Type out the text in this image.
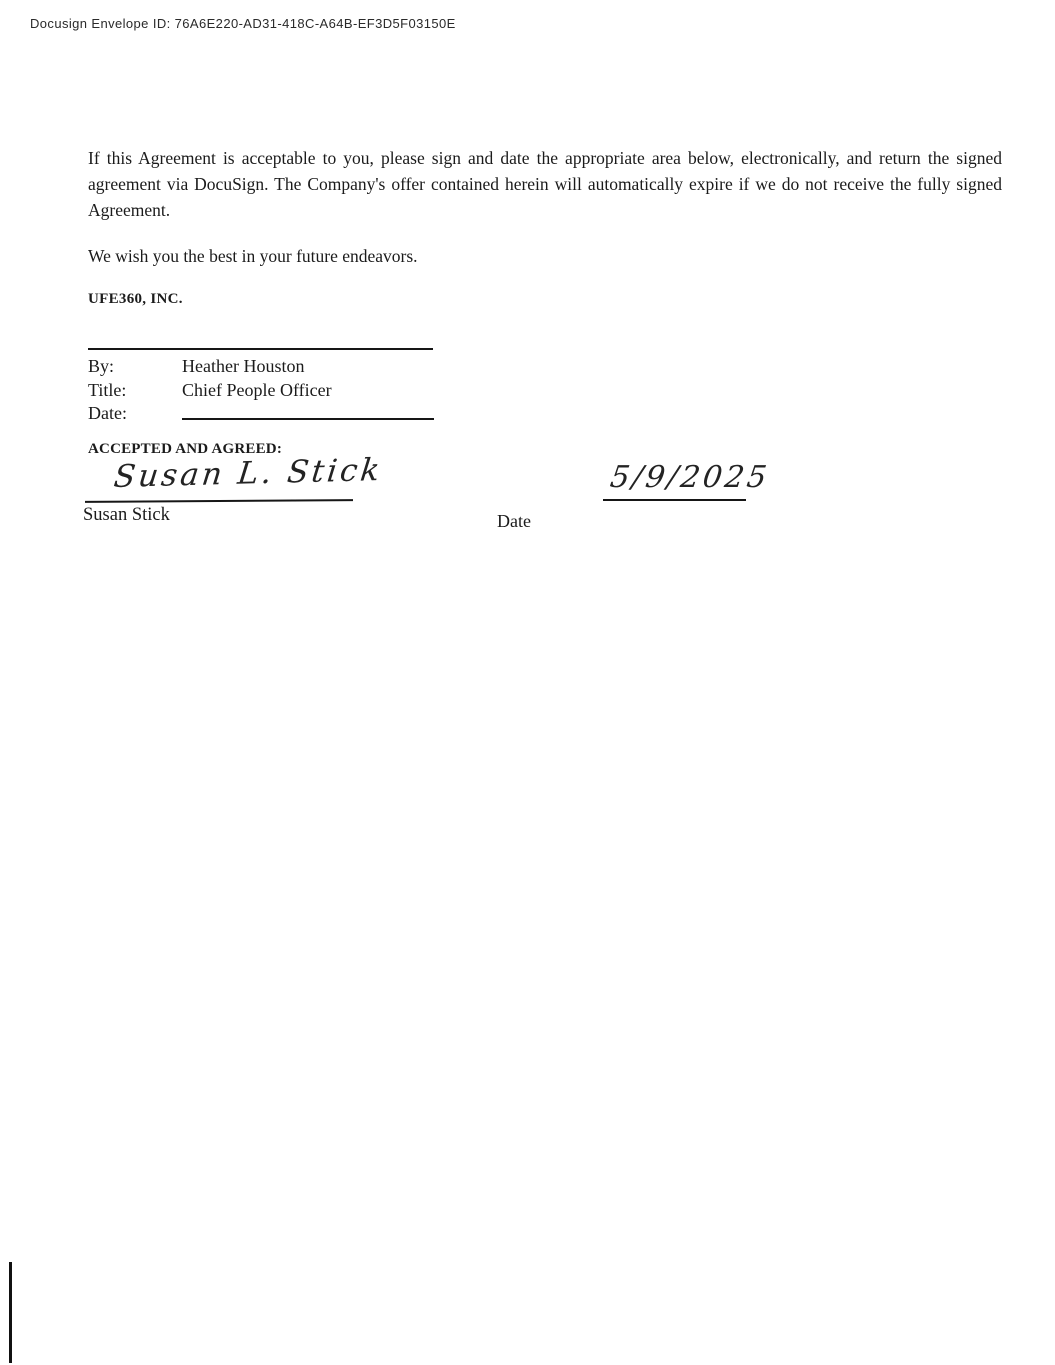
Docusign Envelope ID: 76A6E220-AD31-418C-A64B-EF3D5F03150E
If this Agreement is acceptable to you, please sign and date the appropriate area below, electronically, and return the signed agreement via DocuSign. The Company's offer contained herein will automatically expire if we do not receive the fully signed Agreement.
We wish you the best in your future endeavors.
UFE360, INC.
By:	Heather Houston
Title:	Chief People Officer
Date:
ACCEPTED AND AGREED:
Susan L. Stick
Susan Stick
5/9/2025
Date
